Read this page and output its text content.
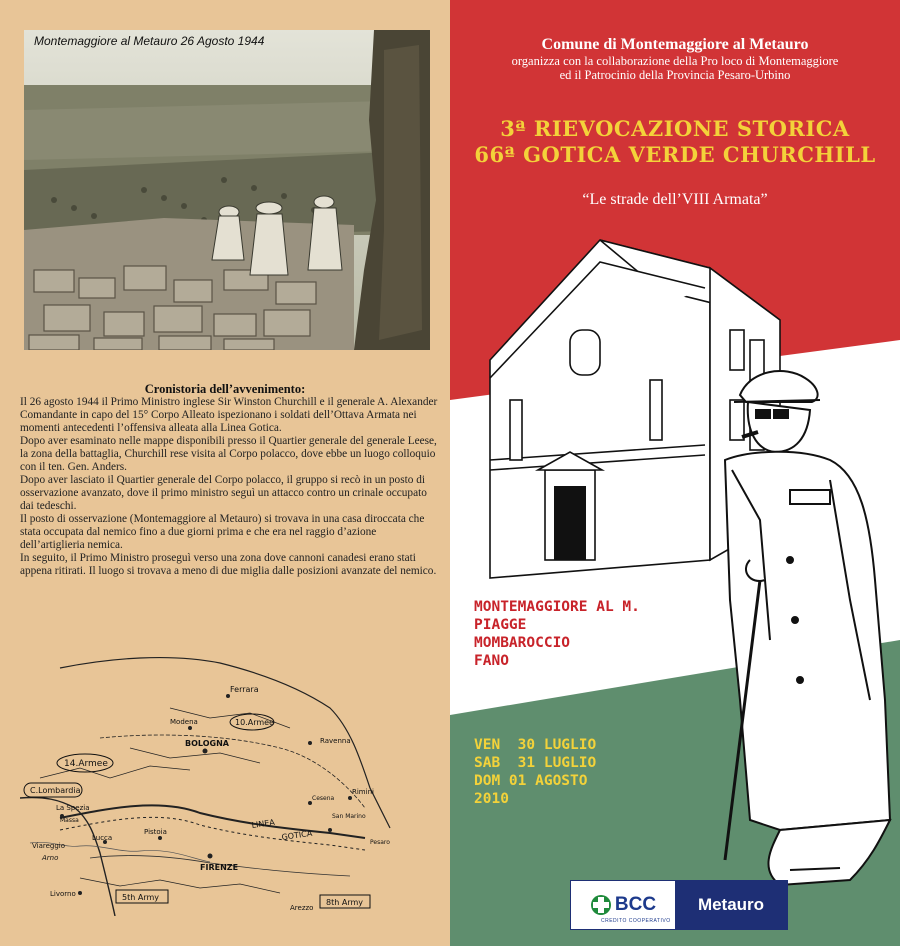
Montemaggiore al Metauro 26 Agosto 1944
Cronistoria dell’avvenimento:

Il 26 agosto 1944 il Primo Ministro inglese Sir Winston Churchill e il generale A. Alexander Comandante in capo del 15° Corpo Alleato ispezionano i soldati dell’Ottava Armata nei momenti antecedenti l’offensiva alleata alla Linea Gotica.

Dopo aver esaminato nelle mappe disponibili presso il Quartier generale del generale Leese, la zona della battaglia, Churchill rese visita al Corpo polacco, dove ebbe un luogo colloquio con il ten. Gen. Anders.

Dopo aver lasciato il Quartier generale del Corpo polacco, il gruppo si recò in un posto di osservazione avanzato, dove il primo ministro seguì un attacco contro un crinale occupato dai tedeschi.

Il posto di osservazione (Montemaggiore al Metauro) si trovava in una casa diroccata che stata occupata dal nemico fino a due giorni prima e che era nel raggio d’azione dell’artiglieria nemica.

In seguito, il Primo Ministro proseguì verso una zona dove cannoni canadesi erano stati appena ritirati. Il luogo si trovava a meno di due miglia dalle posizioni avanzate del nemico.

Ferrara
Modena
BOLOGNA	Ravenna
14.Armee
10.Armee
C.Lombardia
La Spezia
Massa
Viareggio
Lucca
Pistoia
FIRENZE
Livorno
Arno
LINEA
GOTICA
Rimini
San Marino
Cesena
Arezzo
Pesaro
5th Army
8th Army
Comune di Montemaggiore al Metauro
organizza con la collaborazione della Pro loco di Montemaggiore
ed il Patrocinio della Provincia Pesaro-Urbino
3ª RIEVOCAZIONE STORICA
66ª GOTICA VERDE CHURCHILL
“Le strade dell’VIII Armata”
MONTEMAGGIORE AL M.
PIAGGE
MOMBAROCCIO
FANO
VEN  30 LUGLIO
SAB  31 LUGLIO
DOM 01 AGOSTO
2010
BCC
CREDITO COOPERATIVO
Metauro
